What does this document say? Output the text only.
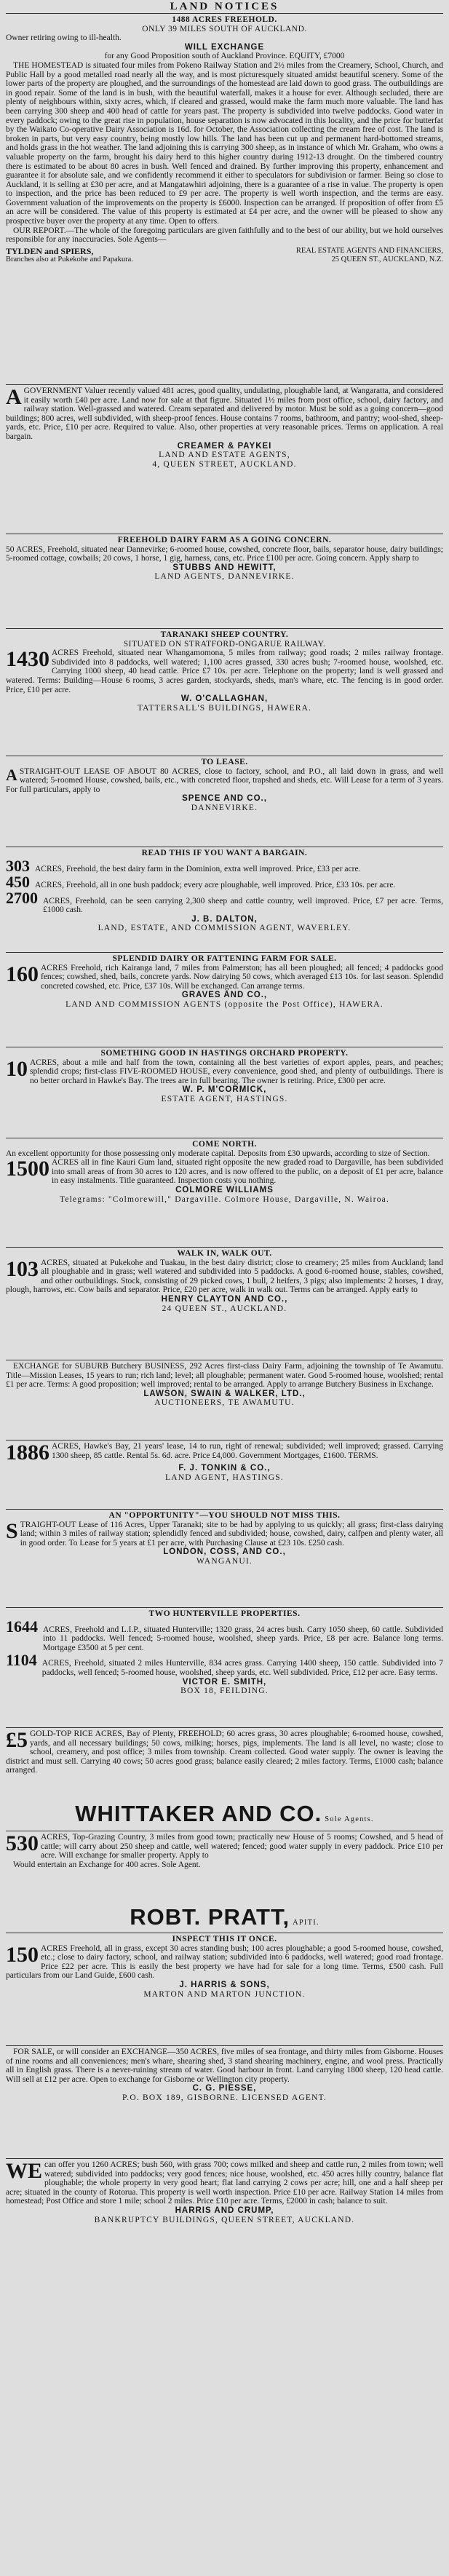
LAND NOTICES

1488 ACRES FREEHOLD.

ONLY 39 MILES SOUTH OF AUCKLAND.

Owner retiring owing to ill-health.

WILL EXCHANGE

for any Good Proposition south of Auckland Province. EQUITY, £7000

THE HOMESTEAD is situated four miles from Pokeno Railway Station and 2½ miles from the Creamery, School, Church, and Public Hall by a good metalled road nearly all the way, and is most picturesquely situated amidst beautiful scenery. Some of the lower parts of the property are ploughed, and the surroundings of the homestead are laid down to good grass. The outbuildings are in good repair. Some of the land is in bush, with the beautiful waterfall, makes it a house for ever. Although secluded, there are plenty of neighbours within, sixty acres, which, if cleared and grassed, would make the farm much more valuable. The land has been carrying 300 sheep and 400 head of cattle for years past. The property is subdivided into twelve paddocks. Good water in every paddock; owing to the great rise in population, house separation is now advocated in this locality, and the price for butterfat by the Waikato Co-operative Dairy Association is 16d. for October, the Association collecting the cream free of cost. The land is broken in parts, but very easy country, being mostly low hills. The land has been cut up and permanent hard-bottomed streams, and holds grass in the hot weather. The land adjoining this is carrying 300 sheep, as in instance of which Mr. Graham, who owns a valuable property on the farm, brought his dairy herd to this higher country during 1912-13 drought. On the timbered country there is estimated to be about 80 acres in bush. Well fenced and drained. By further improving this property, enhancement and guarantee it for absolute sale, and we confidently recommend it either to speculators for subdivision or farmer. Being so close to Auckland, it is selling at £30 per acre, and at Mangatawhiri adjoining, there is a guarantee of a rise in value. The property is open to inspection, and the price has been reduced to £9 per acre. The property is well worth inspection, and the terms are easy. Government valuation of the improvements on the property is £6000. Inspection can be arranged. If proposition of offer from £5 an acre will be considered. The value of this property is estimated at £4 per acre, and the owner will be pleased to show any prospective buyer over the property at any time. Open to offers.

OUR REPORT.—The whole of the foregoing particulars are given faithfully and to the best of our ability, but we hold ourselves responsible for any inaccuracies. Sole Agents—

TYLDEN and SPIERS,	REAL ESTATE AGENTS AND FINANCIERS,
Branches also at Pukekohe and Papakura.	25 QUEEN ST., AUCKLAND, N.Z.

AGOVERNMENT Valuer recently valued 481 acres, good quality, undulating, ploughable land, at Wangaratta, and considered it easily worth £40 per acre. Land now for sale at that figure. Situated 1½ miles from post office, school, dairy factory, and railway station. Well-grassed and watered. Cream separated and delivered by motor. Must be sold as a going concern—good buildings; 800 acres, well subdivided, with sheep-proof fences. House contains 7 rooms, bathroom, and pantry; wool-shed, sheep-yards, etc. Price, £10 per acre. Required to value. Also, other properties at very reasonable prices. Terms on application. A real bargain.

CREAMER & PAYKEI

LAND AND ESTATE AGENTS,

4, QUEEN STREET, AUCKLAND.

FREEHOLD DAIRY FARM AS A GOING CONCERN.

50 ACRES, Freehold, situated near Dannevirke; 6-roomed house, cowshed, concrete floor, bails, separator house, dairy buildings; 5-roomed cottage, cowbails; 20 cows, 1 horse, 1 gig, harness, cans, etc. Price £100 per acre. Going concern. Apply sharp to

STUBBS AND HEWITT,

LAND AGENTS, DANNEVIRKE.

TARANAKI SHEEP COUNTRY.

SITUATED ON STRATFORD-ONGARUE RAILWAY.

1430 ACRES Freehold, situated near Whangamomona, 5 miles from railway; good roads; 2 miles railway frontage. Subdivided into 8 paddocks, well watered; 1,100 acres grassed, 330 acres bush; 7-roomed house, woolshed, etc. Carrying 1000 sheep, 40 head cattle. Price £7 10s. per acre. Telephone on the property; land is well grassed and watered. Terms: Building—House 6 rooms, 3 acres garden, stockyards, sheds, man's whare, etc. The fencing is in good order. Price, £10 per acre.

W. O'CALLAGHAN,

TATTERSALL'S BUILDINGS, HAWERA.

TO LEASE.

ASTRAIGHT-OUT LEASE OF ABOUT 80 ACRES, close to factory, school, and P.O., all laid down in grass, and well watered; 5-roomed House, cowshed, bails, etc., with concreted floor, trapshed and sheds, etc. Will Lease for a term of 3 years. For full particulars, apply to

SPENCE AND CO.,

DANNEVIRKE.

READ THIS IF YOU WANT A BARGAIN.

303 ACRES, Freehold, the best dairy farm in the Dominion, extra well improved. Price, £33 per acre.

450 ACRES, Freehold, all in one bush paddock; every acre ploughable, well improved. Price, £33 10s. per acre.

2700 ACRES, Freehold, can be seen carrying 2,300 sheep and cattle country, well improved. Price, £7 per acre. Terms, £1000 cash.

J. B. DALTON,

LAND, ESTATE, AND COMMISSION AGENT, WAVERLEY.

SPLENDID DAIRY OR FATTENING FARM FOR SALE.

160 ACRES Freehold, rich Kairanga land, 7 miles from Palmerston; has all been ploughed; all fenced; 4 paddocks good fences; cowshed, shed, bails, concrete yards. Now dairying 50 cows, which averaged £13 10s. for last season. Splendid concreted cowshed, etc. Price, £37 10s. Will be exchanged. Can arrange terms.

GRAVES AND CO.,

LAND AND COMMISSION AGENTS (opposite the Post Office), HAWERA.

SOMETHING GOOD IN HASTINGS ORCHARD PROPERTY.

10 ACRES, about a mile and half from the town, containing all the best varieties of export apples, pears, and peaches; splendid crops; first-class FIVE-ROOMED HOUSE, every convenience, good shed, and plenty of outbuildings. There is no better orchard in Hawke's Bay. The trees are in full bearing. The owner is retiring. Price, £300 per acre.

W. P. M'CORMICK,

ESTATE AGENT, HASTINGS.

COME NORTH.

An excellent opportunity for those possessing only moderate capital. Deposits from £30 upwards, according to size of Section.

1500 ACRES all in fine Kauri Gum land, situated right opposite the new graded road to Dargaville, has been subdivided into small areas of from 30 acres to 120 acres, and is now offered to the public, on a deposit of £1 per acre, balance in easy instalments. Title guaranteed. Inspection costs you nothing.

COLMORE WILLIAMS

Telegrams: "Colmorewill," Dargaville. Colmore House, Dargaville, N. Wairoa.

WALK IN, WALK OUT.

103 ACRES, situated at Pukekohe and Tuakau, in the best dairy district; close to creamery; 25 miles from Auckland; land all ploughable and in grass; well watered and subdivided into 5 paddocks. A good 6-roomed house, stables, cowshed, and other outbuildings. Stock, consisting of 29 picked cows, 1 bull, 2 heifers, 3 pigs; also implements: 2 horses, 1 dray, plough, harrows, etc. Cow bails and separator. Price, £20 per acre, walk in walk out. Terms can be arranged. Apply early to

HENRY CLAYTON AND CO.,

24 QUEEN ST., AUCKLAND.

EXCHANGE for SUBURB Butchery BUSINESS, 292 Acres first-class Dairy Farm, adjoining the township of Te Awamutu. Title—Mission Leases, 15 years to run; rich land; level; all ploughable; permanent water. Good 5-roomed house, woolshed; rental £1 per acre. Terms: A good proposition; well improved; rental to be arranged. Apply to arrange Butchery Business in Exchange.

LAWSON, SWAIN & WALKER, LTD.,

AUCTIONEERS, TE AWAMUTU.

1886 ACRES, Hawke's Bay, 21 years' lease, 14 to run, right of renewal; subdivided; well improved; grassed. Carrying 1300 sheep, 85 cattle. Rental 5s. 6d. acre. Price £4,000. Government Mortgages, £1600. TERMS.

F. J. TONKIN & CO.,

LAND AGENT, HASTINGS.

AN "OPPORTUNITY"—YOU SHOULD NOT MISS THIS.

STRAIGHT-OUT Lease of 116 Acres, Upper Taranaki; site to be had by applying to us quickly; all grass; first-class dairying land; within 3 miles of railway station; splendidly fenced and subdivided; house, cowshed, dairy, calfpen and plenty water, all in good order. To Lease for 5 years at £1 per acre, with Purchasing Clause at £23 10s. £250 cash.

LONDON, COSS, AND CO.,

WANGANUI.

TWO HUNTERVILLE PROPERTIES.

1644 ACRES, Freehold and L.I.P., situated Hunterville; 1320 grass, 24 acres bush. Carry 1050 sheep, 60 cattle. Subdivided into 11 paddocks. Well fenced; 5-roomed house, woolshed, sheep yards. Price, £8 per acre. Balance long terms. Mortgage £3500 at 5 per cent.

1104 ACRES, Freehold, situated 2 miles Hunterville, 834 acres grass. Carrying 1400 sheep, 150 cattle. Subdivided into 7 paddocks, well fenced; 5-roomed house, woolshed, sheep yards, etc. Well subdivided. Price, £12 per acre. Easy terms.

VICTOR E. SMITH,

BOX 18, FEILDING.

£5 GOLD-TOP RICE ACRES, Bay of Plenty, FREEHOLD; 60 acres grass, 30 acres ploughable; 6-roomed house, cowshed, yards, and all necessary buildings; 50 cows, milking; horses, pigs, implements. The land is all level, no waste; close to school, creamery, and post office; 3 miles from township. Cream collected. Good water supply. The owner is leaving the district and must sell. Carrying 40 cows; 50 acres good grass; balance easily cleared; 2 miles factory. Terms, £1000 cash; balance arranged.

WHITTAKER AND CO. Sole Agents.

530 ACRES, Top-Grazing Country, 3 miles from good town; practically new House of 5 rooms; Cowshed, and 5 head of cattle; will carry about 250 sheep and cattle, well watered; fenced; good water supply in every paddock. Price £10 per acre. Will exchange for smaller property. Apply to

Would entertain an Exchange for 400 acres. Sole Agent.

ROBT. PRATT, APITI.

INSPECT THIS IT ONCE.

150 ACRES Freehold, all in grass, except 30 acres standing bush; 100 acres ploughable; a good 5-roomed house, cowshed, etc.; close to dairy factory, school, and railway station; subdivided into 6 paddocks, well watered; good road frontage. Price £22 per acre. This is easily the best property we have had for sale for a long time. Terms, £500 cash. Full particulars from our Land Guide, £600 cash.

J. HARRIS & SONS,

MARTON AND MARTON JUNCTION.

FOR SALE, or will consider an EXCHANGE—350 ACRES, five miles of sea frontage, and thirty miles from Gisborne. Houses of nine rooms and all conveniences; men's whare, shearing shed, 3 stand shearing machinery, engine, and wool press. Practically all in English grass. There is a never-ruining stream of water. Good harbour in front. Land carrying 1800 sheep, 120 head cattle. Will sell at £12 per acre. Open to exchange for Gisborne or Wellington city property.

C. G. PIESSE,

P.O. BOX 189, GISBORNE. LICENSED AGENT.

WE can offer you 1260 ACRES; bush 560, with grass 700; cows milked and sheep and cattle run, 2 miles from town; well watered; subdivided into paddocks; very good fences; nice house, woolshed, etc. 450 acres hilly country, balance flat ploughable; the whole property in very good heart; flat land carrying 2 cows per acre; hill, one and a half sheep per acre; situated in the county of Rotorua. This property is well worth inspection. Price £10 per acre. Railway Station 14 miles from homestead; Post Office and store 1 mile; school 2 miles. Price £10 per acre. Terms, £2000 in cash; balance to suit.

HARRIS AND CRUMP,

BANKRUPTCY BUILDINGS, QUEEN STREET, AUCKLAND.
